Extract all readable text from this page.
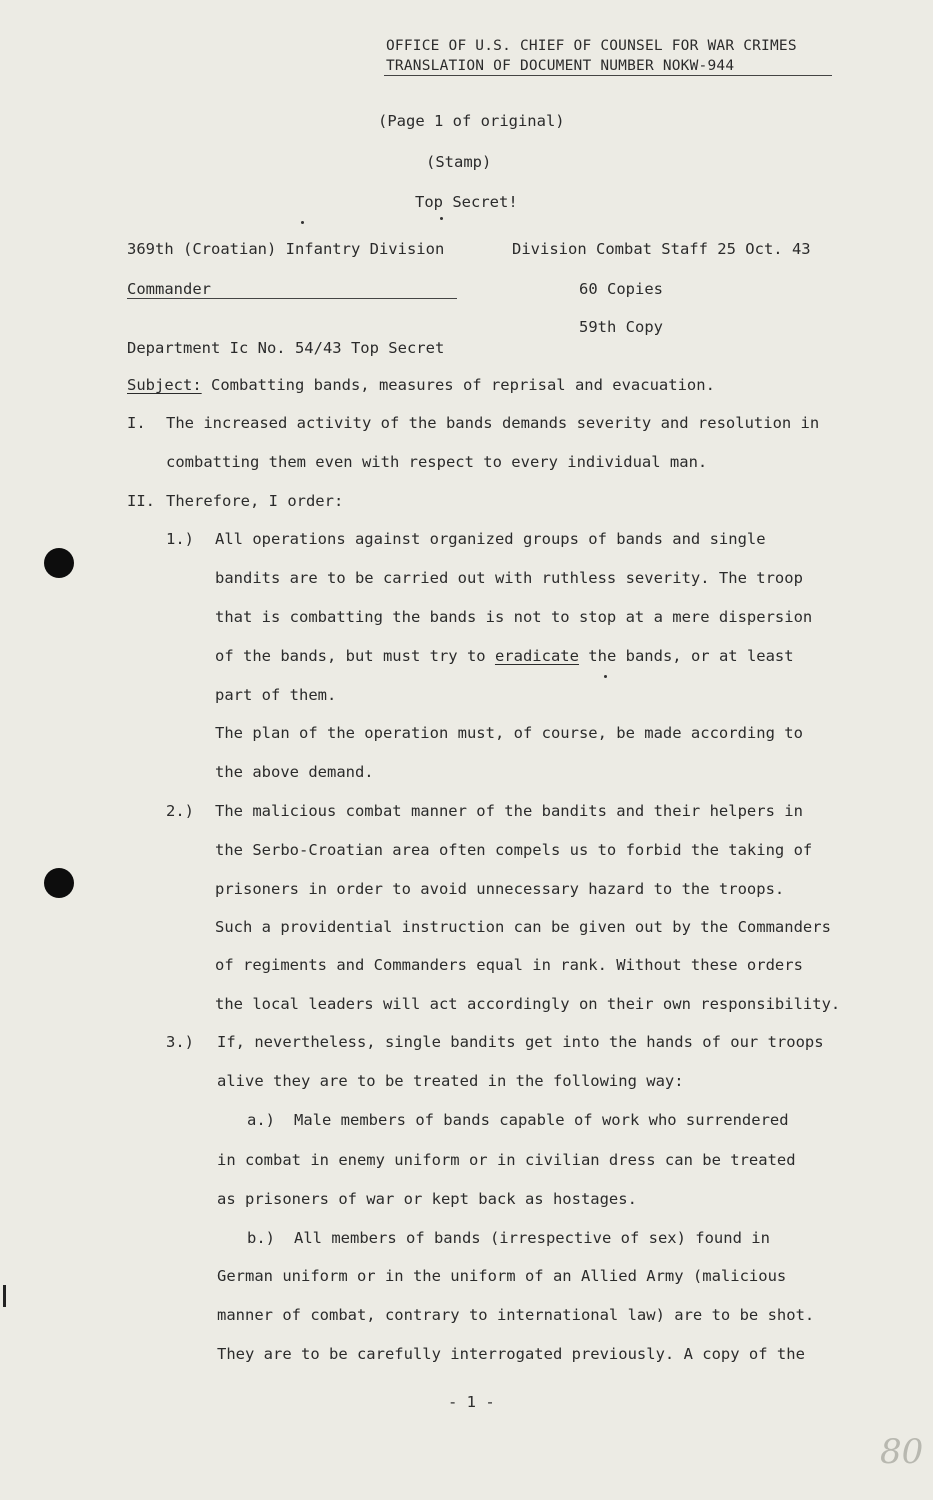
OFFICE OF U.S. CHIEF OF COUNSEL FOR WAR CRIMES
TRANSLATION OF DOCUMENT NUMBER NOKW-944
(Page 1 of original)
(Stamp)
Top Secret!
369th (Croatian) Infantry Division	Division Combat Staff 25 Oct. 43
Commander	60 Copies
59th Copy
Department Ic No. 54/43 Top Secret
Subject: Combatting bands, measures of reprisal and evacuation.
I. The increased activity of the bands demands severity and resolution in
combatting them even with respect to every individual man.
II. Therefore, I order:
1.) All operations against organized groups of bands and single
bandits are to be carried out with ruthless severity. The troop
that is combatting the bands is not to stop at a mere dispersion
of the bands, but must try to eradicate the bands, or at least
part of them.
The plan of the operation must, of course, be made according to
the above demand.
2.) The malicious combat manner of the bandits and their helpers in
the Serbo-Croatian area often compels us to forbid the taking of
prisoners in order to avoid unnecessary hazard to the troops.
Such a providential instruction can be given out by the Commanders
of regiments and Commanders equal in rank. Without these orders
the local leaders will act accordingly on their own responsibility.
3.) If, nevertheless, single bandits get into the hands of our troops
alive they are to be treated in the following way:
a.) Male members of bands capable of work who surrendered
in combat in enemy uniform or in civilian dress can be treated
as prisoners of war or kept back as hostages.
b.) All members of bands (irrespective of sex) found in
German uniform or in the uniform of an Allied Army (malicious
manner of combat, contrary to international law) are to be shot.
They are to be carefully interrogated previously. A copy of the
- 1 -
80
